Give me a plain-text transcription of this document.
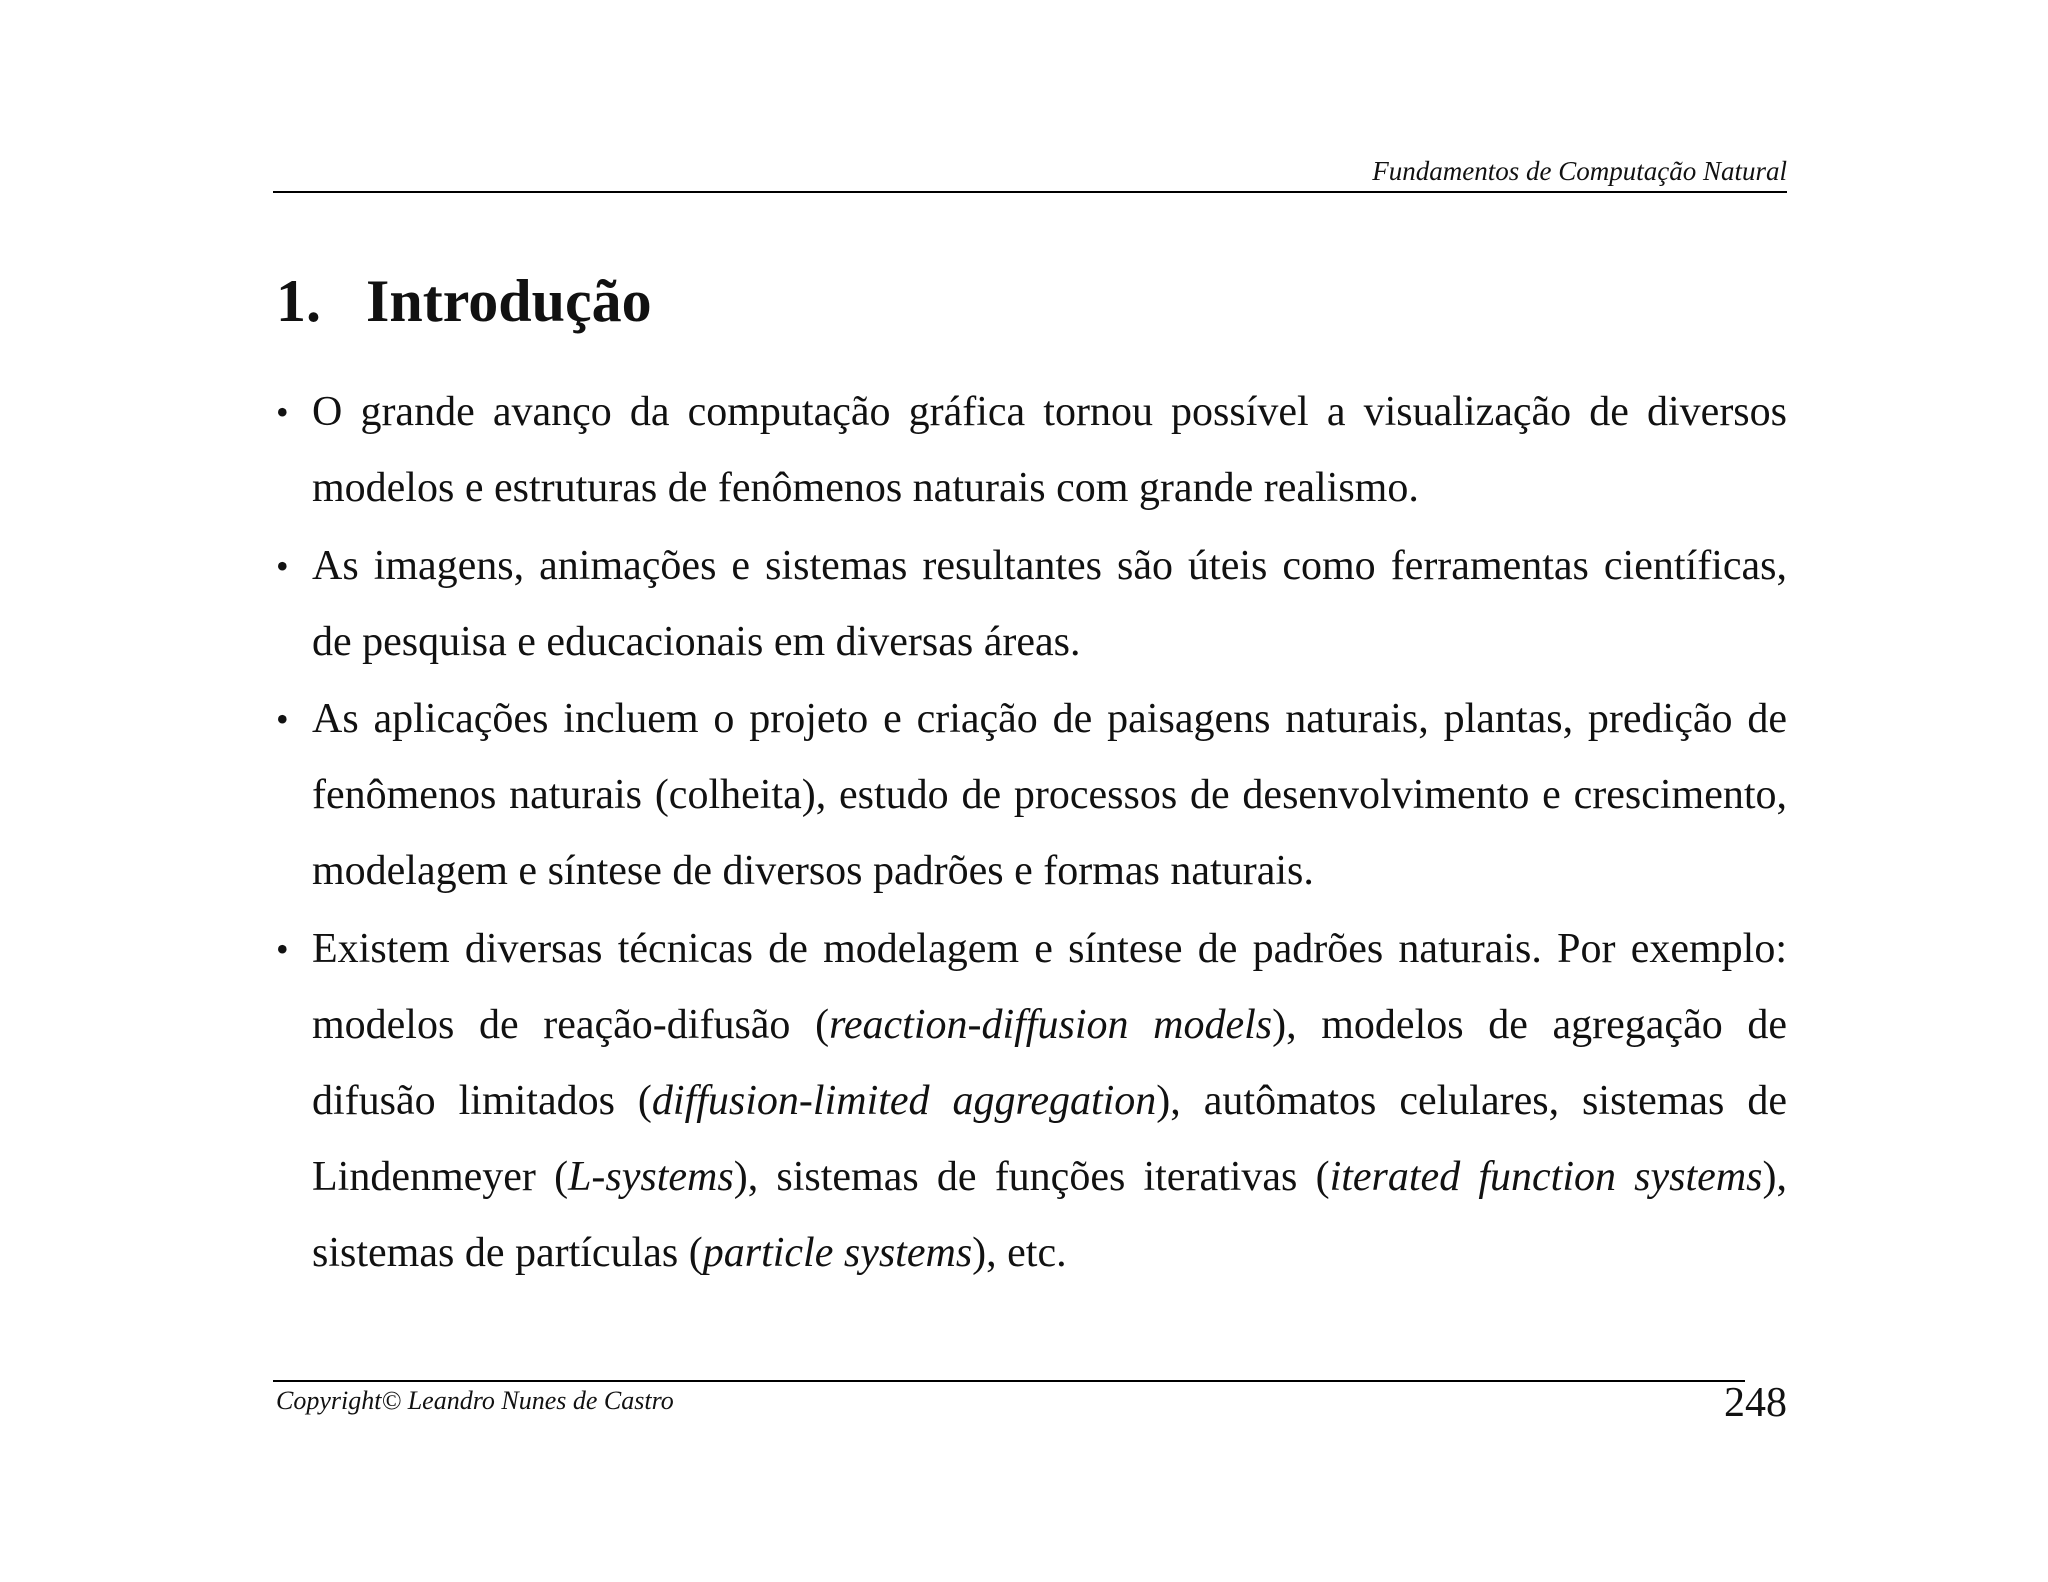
Fundamentos de Computação Natural
1. Introdução
• O grande avanço da computação gráfica tornou possível a visualização de diversos modelos e estruturas de fenômenos naturais com grande realismo.
• As imagens, animações e sistemas resultantes são úteis como ferramentas científicas, de pesquisa e educacionais em diversas áreas.
• As aplicações incluem o projeto e criação de paisagens naturais, plantas, predição de fenômenos naturais (colheita), estudo de processos de desenvolvimento e crescimento, modelagem e síntese de diversos padrões e formas naturais.
• Existem diversas técnicas de modelagem e síntese de padrões naturais. Por exemplo: modelos de reação-difusão (reaction-diffusion models), modelos de agregação de difusão limitados (diffusion-limited aggregation), autômatos celulares, sistemas de Lindenmeyer (L-systems), sistemas de funções iterativas (iterated function systems), sistemas de partículas (particle systems), etc.
Copyright© Leandro Nunes de Castro	248
